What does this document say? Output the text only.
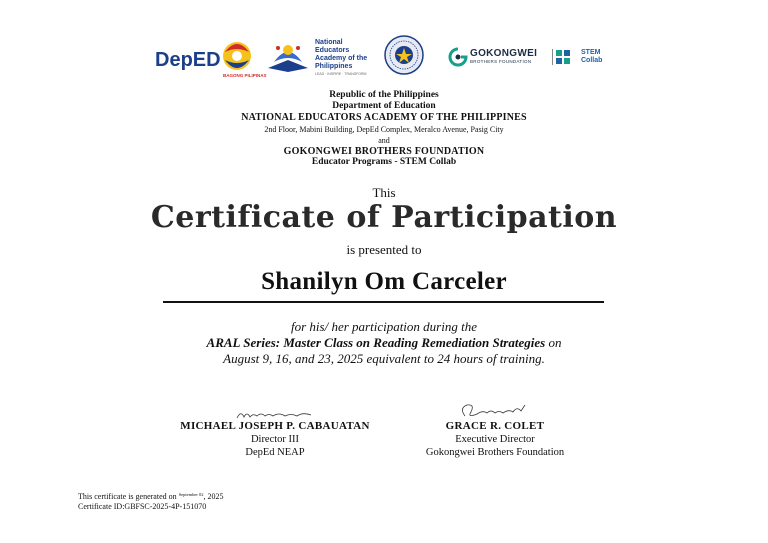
DepED
BAGONG PILIPINAS
National
Educators
Academy of the
Philippines
LEAD · INSPIRE · TRANSFORM
GOKONGWEI
BROTHERS FOUNDATION
STEM
Collab
Republic of the Philippines
Department of Education
NATIONAL EDUCATORS ACADEMY OF THE PHILIPPINES
2nd Floor, Mabini Building, DepEd Complex, Meralco Avenue, Pasig City
and
GOKONGWEI BROTHERS FOUNDATION
Educator Programs - STEM Collab
This
Certificate of Participation
is presented to
Shanilyn Om Carceler
for his/ her participation during the
ARAL Series: Master Class on Reading Remediation Strategies on
August 9, 16, and 23, 2025 equivalent to 24 hours of training.
MICHAEL JOSEPH P. CABAUATAN
Director III
DepEd NEAP
GRACE R. COLET
Executive Director
Gokongwei Brothers Foundation
This certificate is generated on $^{September 02}$, 2025
Certificate ID:GBFSC-2025-4P-151070
